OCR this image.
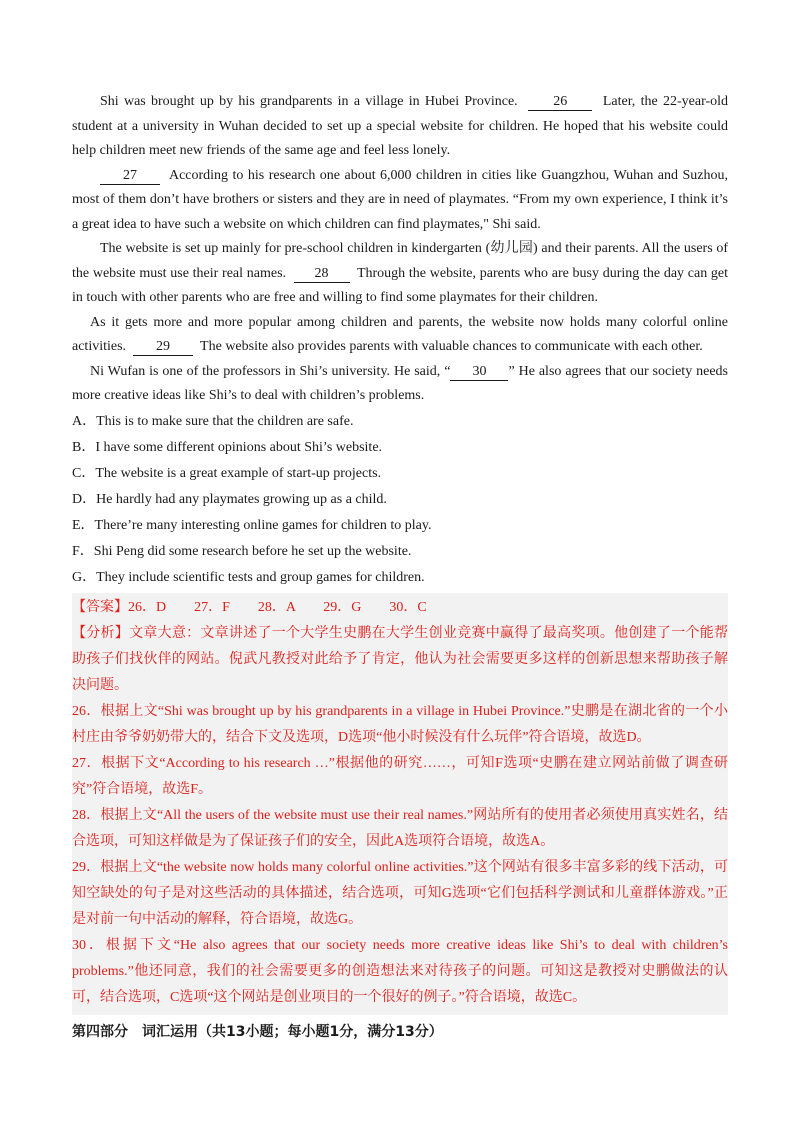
Shi was brought up by his grandparents in a village in Hubei Province.	26	Later, the 22-year-old student at a university in Wuhan decided to set up a special website for children. He hoped that his website could help children meet new friends of the same age and feel less lonely.

27 According to his research one about 6,000 children in cities like Guangzhou, Wuhan and Suzhou, most of them don’t have brothers or sisters and they are in need of playmates. “From my own experience, I think it’s a great idea to have such a website on which children can find playmates," Shi said.

The website is set up mainly for pre-school children in kindergarten (幼儿园) and their parents. All the users of the website must use their real names. 28 Through the website, parents who are busy during the day can get in touch with other parents who are free and willing to find some playmates for their children.

As it gets more and more popular among children and parents, the website now holds many colorful online activities. 29 The website also provides parents with valuable chances to communicate with each other.

Ni Wufan is one of the professors in Shi’s university. He said, “ 30 ” He also agrees that our society needs more creative ideas like Shi’s to deal with children’s problems.

A．This is to make sure that the children are safe.

B．I have some different opinions about Shi’s website.

C．The website is a great example of start-up projects.

D．He hardly had any playmates growing up as a child.

E．There’re many interesting online games for children to play.

F．Shi Peng did some research before he set up the website.

G．They include scientific tests and group games for children.

【答案】26．D　　27．F　　28．A　　29．G　　30．C

【分析】文章大意：文章讲述了一个大学生史鹏在大学生创业竞赛中赢得了最高奖项。他创建了一个能帮助孩子们找伙伴的网站。倪武凡教授对此给予了肯定，他认为社会需要更多这样的创新思想来帮助孩子解决问题。

26．根据上文“Shi was brought up by his grandparents in a village in Hubei Province.”史鹏是在湖北省的一个小村庄由爷爷奶奶带大的，结合下文及选项，D选项“他小时候没有什么玩伴”符合语境，故选D。

27．根据下文“According to his research …”根据他的研究……，可知F选项“史鹏在建立网站前做了调查研究”符合语境，故选F。

28．根据上文“All the users of the website must use their real names.”网站所有的使用者必须使用真实姓名，结合选项，可知这样做是为了保证孩子们的安全，因此A选项符合语境，故选A。

29．根据上文“the website now holds many colorful online activities.”这个网站有很多丰富多彩的线下活动，可知空缺处的句子是对这些活动的具体描述，结合选项，可知G选项“它们包括科学测试和儿童群体游戏。”正是对前一句中活动的解释，符合语境，故选G。

30．根据下文“He also agrees that our society needs more creative ideas like Shi’s to deal with children’s problems.”他还同意，我们的社会需要更多的创造想法来对待孩子的问题。可知这是教授对史鹏做法的认可，结合选项，C选项“这个网站是创业项目的一个很好的例子。”符合语境，故选C。

第四部分　词汇运用（共13小题；每小题1分，满分13分）
